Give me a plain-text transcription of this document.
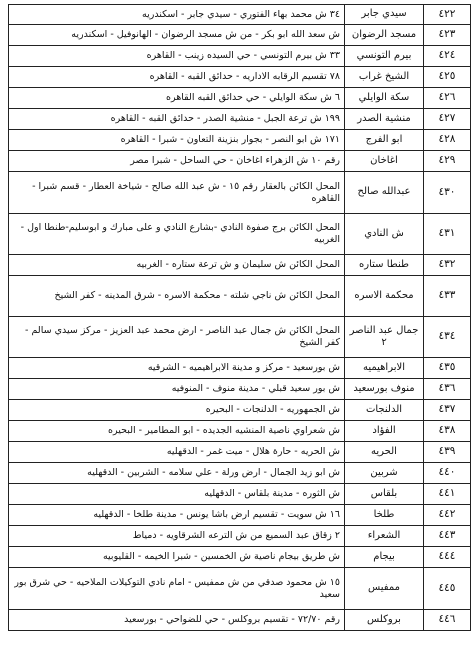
٤٢٢	سيدي جابر	٣٤ ش محمد بهاء الفتوري - سيدي جابر - اسكندريه
٤٢٣	مسجد الرضوان	ش سعد الله ابو بكر - من ش مسجد الرضوان - الهانوفيل - اسكندريه
٤٢٤	بيرم التونسي	٣٣ ش بيرم التونسي - حي السيده زينب - القاهره
٤٢٥	الشيخ غراب	٧٨ تقسيم الرقابه الاداريه - حدائق القبه - القاهره
٤٢٦	سكة الوايلي	٦ ش سكة الوايلي - حي حدائق القبه القاهره
٤٢٧	منشية الصدر	١٩٩ ش ترعة الجبل - منشية الصدر - حدائق القبه - القاهره
٤٢٨	ابو الفرج	١٧١ ش ابو النصر - بجوار بنزينة التعاون - شبرا - القاهره
٤٢٩	اغاخان	رقم ١٠ ش الزهراء اغاخان - حي الساحل - شبرا مصر
٤٣٠	عبدالله صالح	المحل الكائن بالعقار رقم ١٥ - ش عبد الله صالح - شياخة العطار - قسم شبرا - القاهره
٤٣١	ش النادي	المحل الكائن برج صفوة النادي -بشارع النادي و على مبارك و ابوسليم-طنطا اول - الغربيه
٤٣٢	طنطا ستاره	المحل الكائن ش سليمان و ش ترعة ستاره - الغربيه
٤٣٣	محكمة الاسره	المحل الكائن ش ناجي شلته - محكمة الاسره - شرق المدينه - كفر الشيخ
٤٣٤	جمال عبد الناصر ٢	المحل الكائن ش جمال عبد الناصر - ارض محمد عبد العزيز - مركز سيدي سالم - كفر الشيخ
٤٣٥	الابراهيميه	ش بورسعيد - مركز و مدينة الابراهيميه - الشرقيه
٤٣٦	منوف بورسعيد	ش بور سعيد قبلي - مدينة منوف - المنوفيه
٤٣٧	الدلنجات	ش الجمهوريه - الدلنجات - البحيره
٤٣٨	الفؤاد	ش شعراوي ناصية المنشيه الجديده - ابو المطامير - البحيره
٤٣٩	الحريه	ش الحريه - حارة هلال - ميت غمر - الدقهليه
٤٤٠	شربين	ش ابو زيد الجمال - ارض ورلة - علي سلامه - الشربين - الدقهليه
٤٤١	بلقاس	ش الثوره - مدينة بلقاس - الدقهليه
٤٤٢	طلخا	١٦ ش سويت - تقسيم ارض باشا يونس - مدينة طلخا - الدقهليه
٤٤٣	الشعراء	٢ زقاق عبد السميع من ش الترعه الشرقاويه - دمياط
٤٤٤	بيجام	ش طريق بيجام ناصية ش الخمسين - شبرا الخيمه - القليوبيه
٤٤٥	ممفيس	١٥ ش محمود صدقي من ش ممفيس - امام نادي التوكيلات الملاحيه - حي شرق بور سعيد
٤٤٦	بروكلس	رقم ٧٢/٧٠ - تقسيم بروكلس - حي للضواحي - بورسعيد
